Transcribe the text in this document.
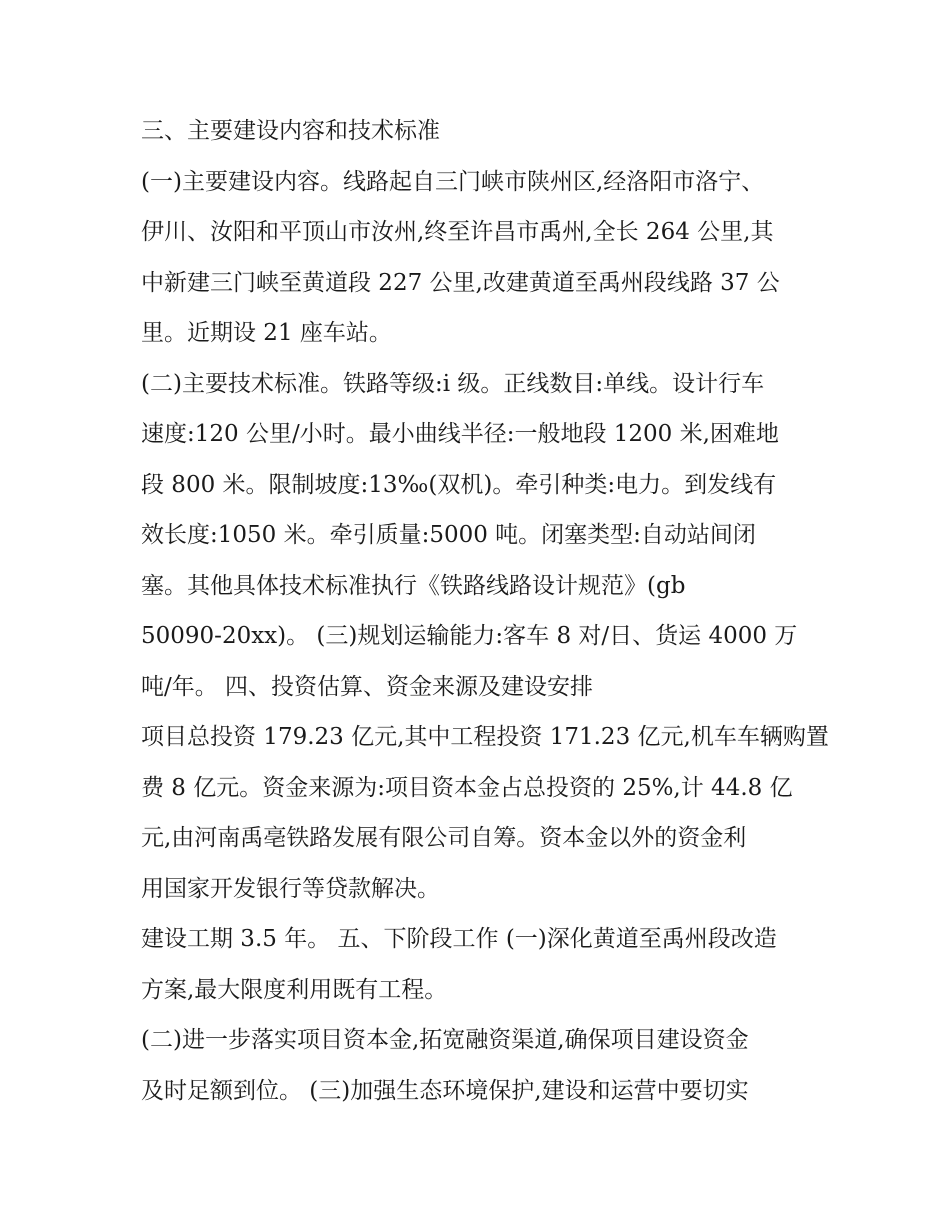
三、主要建设内容和技术标准
(一)主要建设内容。线路起自三门峡市陕州区,经洛阳市洛宁、
伊川、汝阳和平顶山市汝州,终至许昌市禹州,全长 264 公里,其
中新建三门峡至黄道段 227 公里,改建黄道至禹州段线路 37 公
里。近期设 21 座车站。
(二)主要技术标准。铁路等级:i 级。正线数目:单线。设计行车
速度:120 公里/小时。最小曲线半径:一般地段 1200 米,困难地
段 800 米。限制坡度:13‰(双机)。牵引种类:电力。到发线有
效长度:1050 米。牵引质量:5000 吨。闭塞类型:自动站间闭
塞。其他具体技术标准执行《铁路线路设计规范》(gb
50090-20xx)。 (三)规划运输能力:客车 8 对/日、货运 4000 万
吨/年。 四、投资估算、资金来源及建设安排
项目总投资 179.23 亿元,其中工程投资 171.23 亿元,机车车辆购置
费 8 亿元。资金来源为:项目资本金占总投资的 25%,计 44.8 亿
元,由河南禹亳铁路发展有限公司自筹。资本金以外的资金利
用国家开发银行等贷款解决。
建设工期 3.5 年。 五、下阶段工作 (一)深化黄道至禹州段改造
方案,最大限度利用既有工程。
(二)进一步落实项目资本金,拓宽融资渠道,确保项目建设资金
及时足额到位。 (三)加强生态环境保护,建设和运营中要切实
